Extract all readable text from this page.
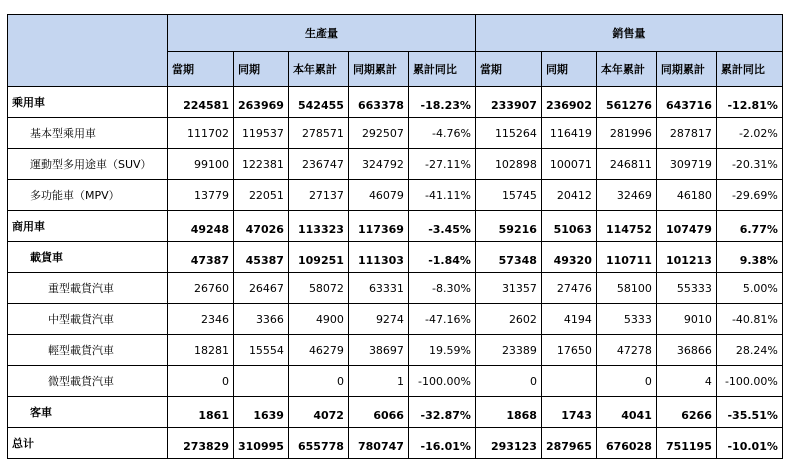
	生產量					銷售量				
	當期	同期	本年累計	同期累計	累計同比	當期	同期	本年累計	同期累計	累計同比
乘用車	224581	263969	542455	663378	-18.23%	233907	236902	561276	643716	-12.81%
基本型乘用車	111702	119537	278571	292507	-4.76%	115264	116419	281996	287817	-2.02%
運動型多用途車（SUV）	99100	122381	236747	324792	-27.11%	102898	100071	246811	309719	-20.31%
多功能車（MPV）	13779	22051	27137	46079	-41.11%	15745	20412	32469	46180	-29.69%
商用車	49248	47026	113323	117369	-3.45%	59216	51063	114752	107479	6.77%
載貨車	47387	45387	109251	111303	-1.84%	57348	49320	110711	101213	9.38%
重型載貨汽車	26760	26467	58072	63331	-8.30%	31357	27476	58100	55333	5.00%
中型載貨汽車	2346	3366	4900	9274	-47.16%	2602	4194	5333	9010	-40.81%
輕型載貨汽車	18281	15554	46279	38697	19.59%	23389	17650	47278	36866	28.24%
微型載貨汽車	0		0	1	-100.00%	0		0	4	-100.00%
客車	1861	1639	4072	6066	-32.87%	1868	1743	4041	6266	-35.51%
总计	273829	310995	655778	780747	-16.01%	293123	287965	676028	751195	-10.01%
